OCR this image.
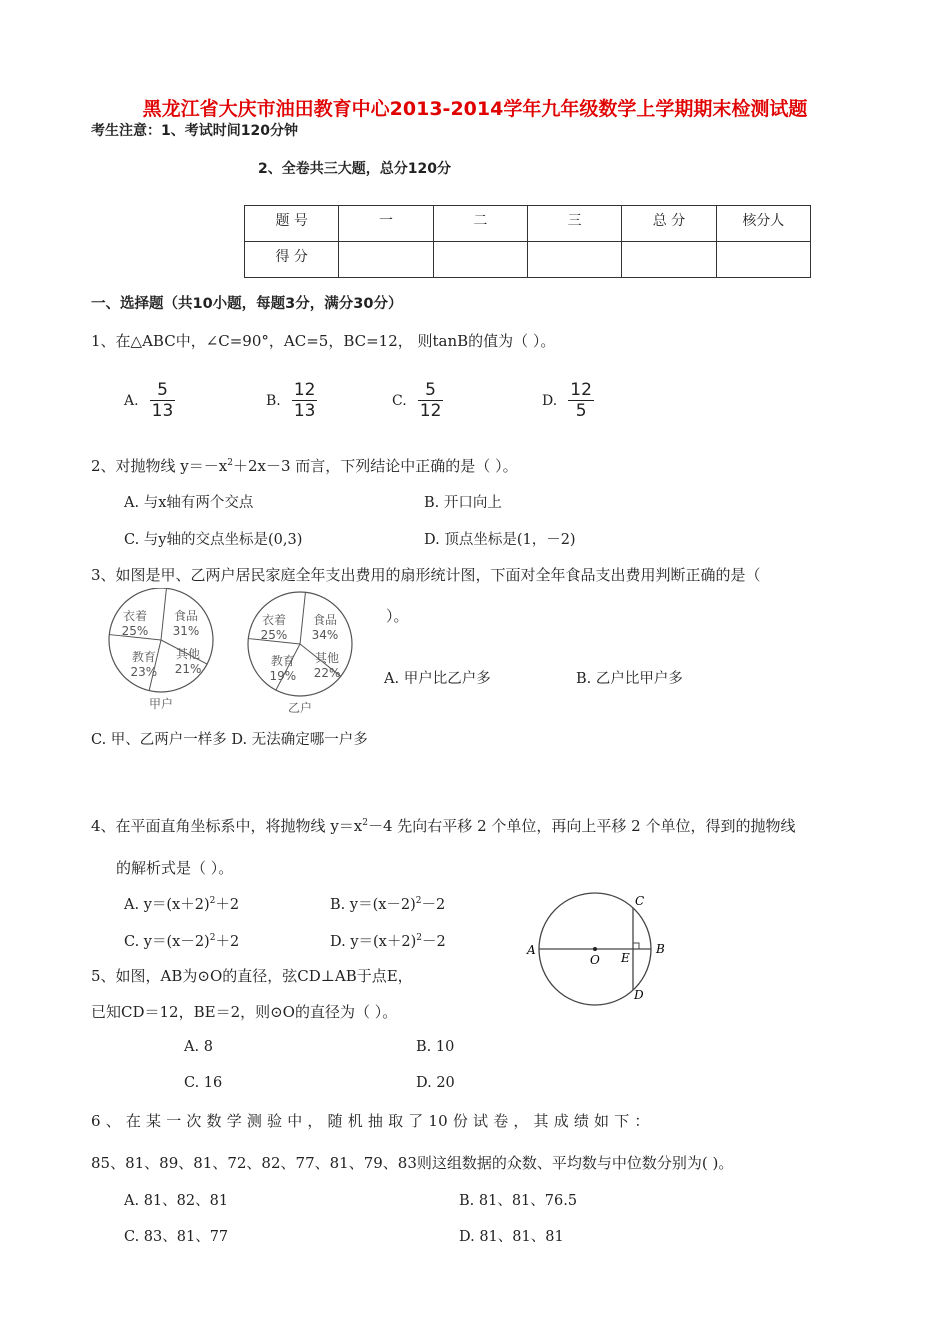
黑龙江省大庆市油田教育中心2013-2014学年九年级数学上学期期末检测试题
考生注意：1、考试时间120分钟
2、全卷共三大题，总分120分
题 号	一	二	三	总 分	核分人
得 分					
一、选择题（共10小题，每题3分，满分30分）
1、在△ABC中，∠C=90°，AC=5，BC=12， 则tanB的值为（ ）。
A. $\frac{5}{13}$	B. $\frac{12}{13}$	C. $\frac{5}{12}$	D. $\frac{12}{5}$
2、对抛物线 $y=-x^2+2x-3$ 而言，下列结论中正确的是（ ）。
A. 与x轴有两个交点	B. 开口向上
C. 与y轴的交点坐标是(0,3)	D. 顶点坐标是(1，－2)
3、如图是甲、乙两户居民家庭全年支出费用的扇形统计图，下面对全年食品支出费用判断正确的是（
）。
衣着
25%
食品
31%
教育
23%
其他
21%
甲户
衣着
25%
食品
34%
教育
19%
其他
22%
乙户
A. 甲户比乙户多	B. 乙户比甲户多
C. 甲、乙两户一样多 D. 无法确定哪一户多
4、在平面直角坐标系中，将抛物线 $y=x^2-4$ 先向右平移 2 个单位，再向上平移 2 个单位，得到的抛物线
的解析式是（ ）。
A. $y=(x+2)^2+2$	B. $y=(x-2)^2-2$
C. $y=(x-2)^2+2$	D. $y=(x+2)^2-2$	A	B
C
D
O E
5、如图，AB为⊙O的直径，弦CD⊥AB于点E，
已知CD＝12，BE＝2，则⊙O的直径为（ ）。
A. 8	B. 10
C. 16	D. 20
6 、 在 某 一 次 数 学 测 验 中 ， 随 机 抽 取 了 10 份 试 卷 ， 其 成 绩 如 下 ：
85、81、89、81、72、82、77、81、79、83则这组数据的众数、平均数与中位数分别为( )。
A. 81、82、81	B. 81、81、76.5
C. 83、81、77	D. 81、81、81
